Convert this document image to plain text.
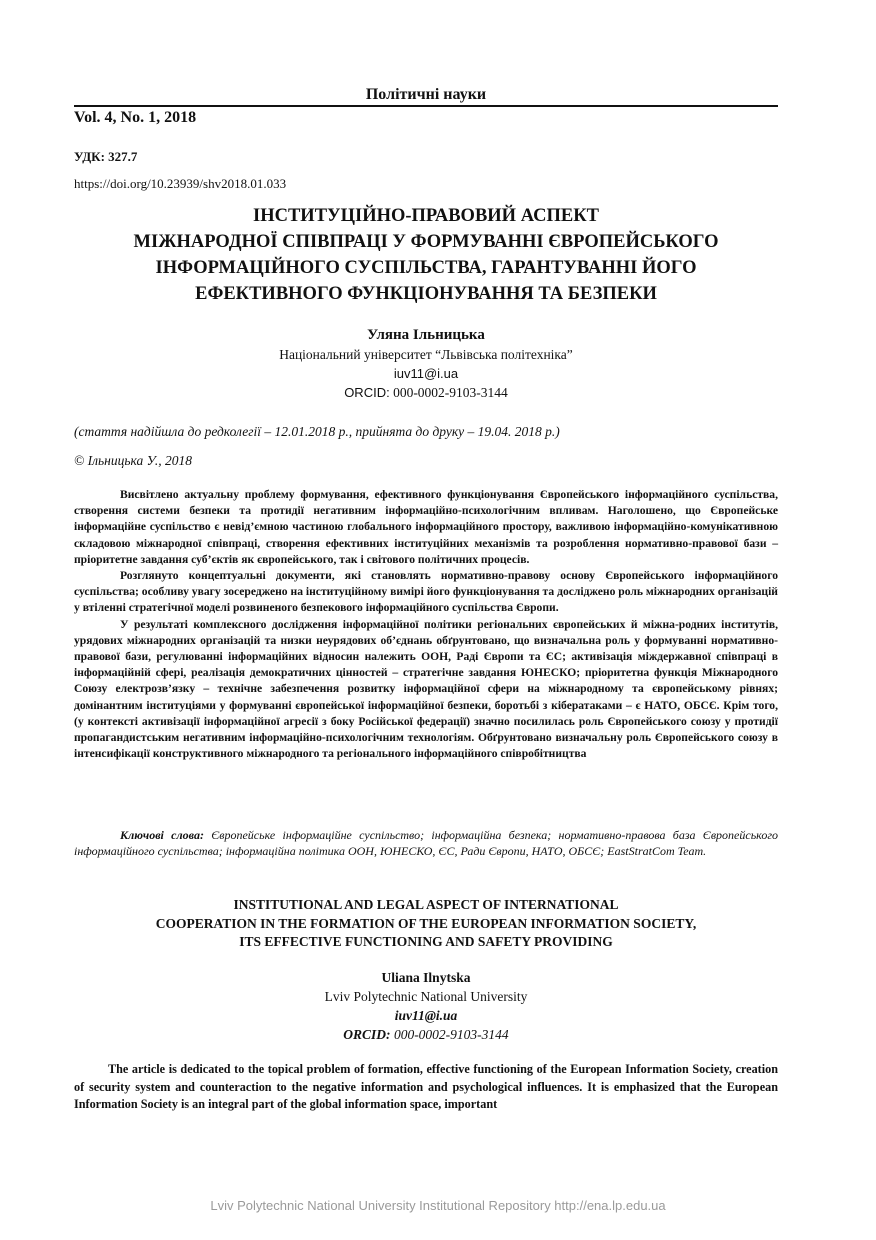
Політичні науки
Vol. 4, No. 1, 2018
УДК: 327.7
https://doi.org/10.23939/shv2018.01.033
ІНСТИТУЦІЙНО-ПРАВОВИЙ АСПЕКТ
МІЖНАРОДНОЇ СПІВПРАЦІ У ФОРМУВАННІ ЄВРОПЕЙСЬКОГО
ІНФОРМАЦІЙНОГО СУСПІЛЬСТВА, ГАРАНТУВАННІ ЙОГО
ЕФЕКТИВНОГО ФУНКЦІОНУВАННЯ ТА БЕЗПЕКИ
Уляна Ільницька
Національний університет “Львівська політехніка”
iuv11@i.ua
ORCID: 000-0002-9103-3144
(стаття надійшла до редколегії – 12.01.2018 р., прийнята до друку – 19.04. 2018 р.)
© Ільницька У., 2018

Висвітлено актуальну проблему формування, ефективного функціонування Європейського інформаційного суспільства, створення системи безпеки та протидії негативним інформаційно-психологічним впливам. Наголошено, що Європейське інформаційне суспільство є невід’ємною частиною глобального інформаційного простору, важливою інформаційно-комунікативною складовою міжнародної співпраці, створення ефективних інституційних механізмів та розроблення нормативно-правової бази – пріоритетне завдання суб’єктів як європейського, так і світового політичних процесів.

Розглянуто концептуальні документи, які становлять нормативно-правову основу Європейського інформаційного суспільства; особливу увагу зосереджено на інституційному вимірі його функціонування та досліджено роль міжнародних організацій у втіленні стратегічної моделі розвиненого безпекового інформаційного суспільства Європи.

У результаті комплексного дослідження інформаційної політики регіональних європейських й міжна-родних інститутів, урядових міжнародних організацій та низки неурядових об’єднань обґрунтовано, що визначальна роль у формуванні нормативно-правової бази, регулюванні інформаційних відносин належить ООН, Раді Європи та ЄС; активізація міждержавної співпраці в інформаційній сфері, реалізація демократичних цінностей – стратегічне завдання ЮНЕСКО; пріоритетна функція Міжнародного Союзу електрозв’язку – технічне забезпечення розвитку інформаційної сфери на міжнародному та європейському рівнях; домінантним інституціями у формуванні європейської інформаційної безпеки, боротьбі з кібератаками – є НАТО, ОБСЄ. Крім того, (у контексті активізації інформаційної агресії з боку Російської федерації) значно посилилась роль Європейського союзу у протидії пропагандистським негативним інформаційно-психологічним технологіям. Обґрунтовано визначальну роль Європейського союзу в інтенсифікації конструктивного міжнародного та регіонального інформаційного співробітництва

Ключові слова: Європейське інформаційне суспільство; інформаційна безпека; нормативно-правова база Європейського інформаційного суспільства; інформаційна політика ООН, ЮНЕСКО, ЄС, Ради Європи, НАТО, ОБСЄ; EastStratCom Team.
INSTITUTIONAL AND LEGAL ASPECT OF INTERNATIONAL
COOPERATION IN THE FORMATION OF THE EUROPEAN INFORMATION SOCIETY,
ITS EFFECTIVE FUNCTIONING AND SAFETY PROVIDING
Uliana Ilnytska
Lviv Polytechnic National University
iuv11@i.ua
ORCID: 000-0002-9103-3144

The article is dedicated to the topical problem of formation, effective functioning of the European Information Society, creation of security system and counteraction to the negative information and psychological influences. It is emphasized that the European Information Society is an integral part of the global information space, important

Lviv Polytechnic National University Institutional Repository http://ena.lp.edu.ua
